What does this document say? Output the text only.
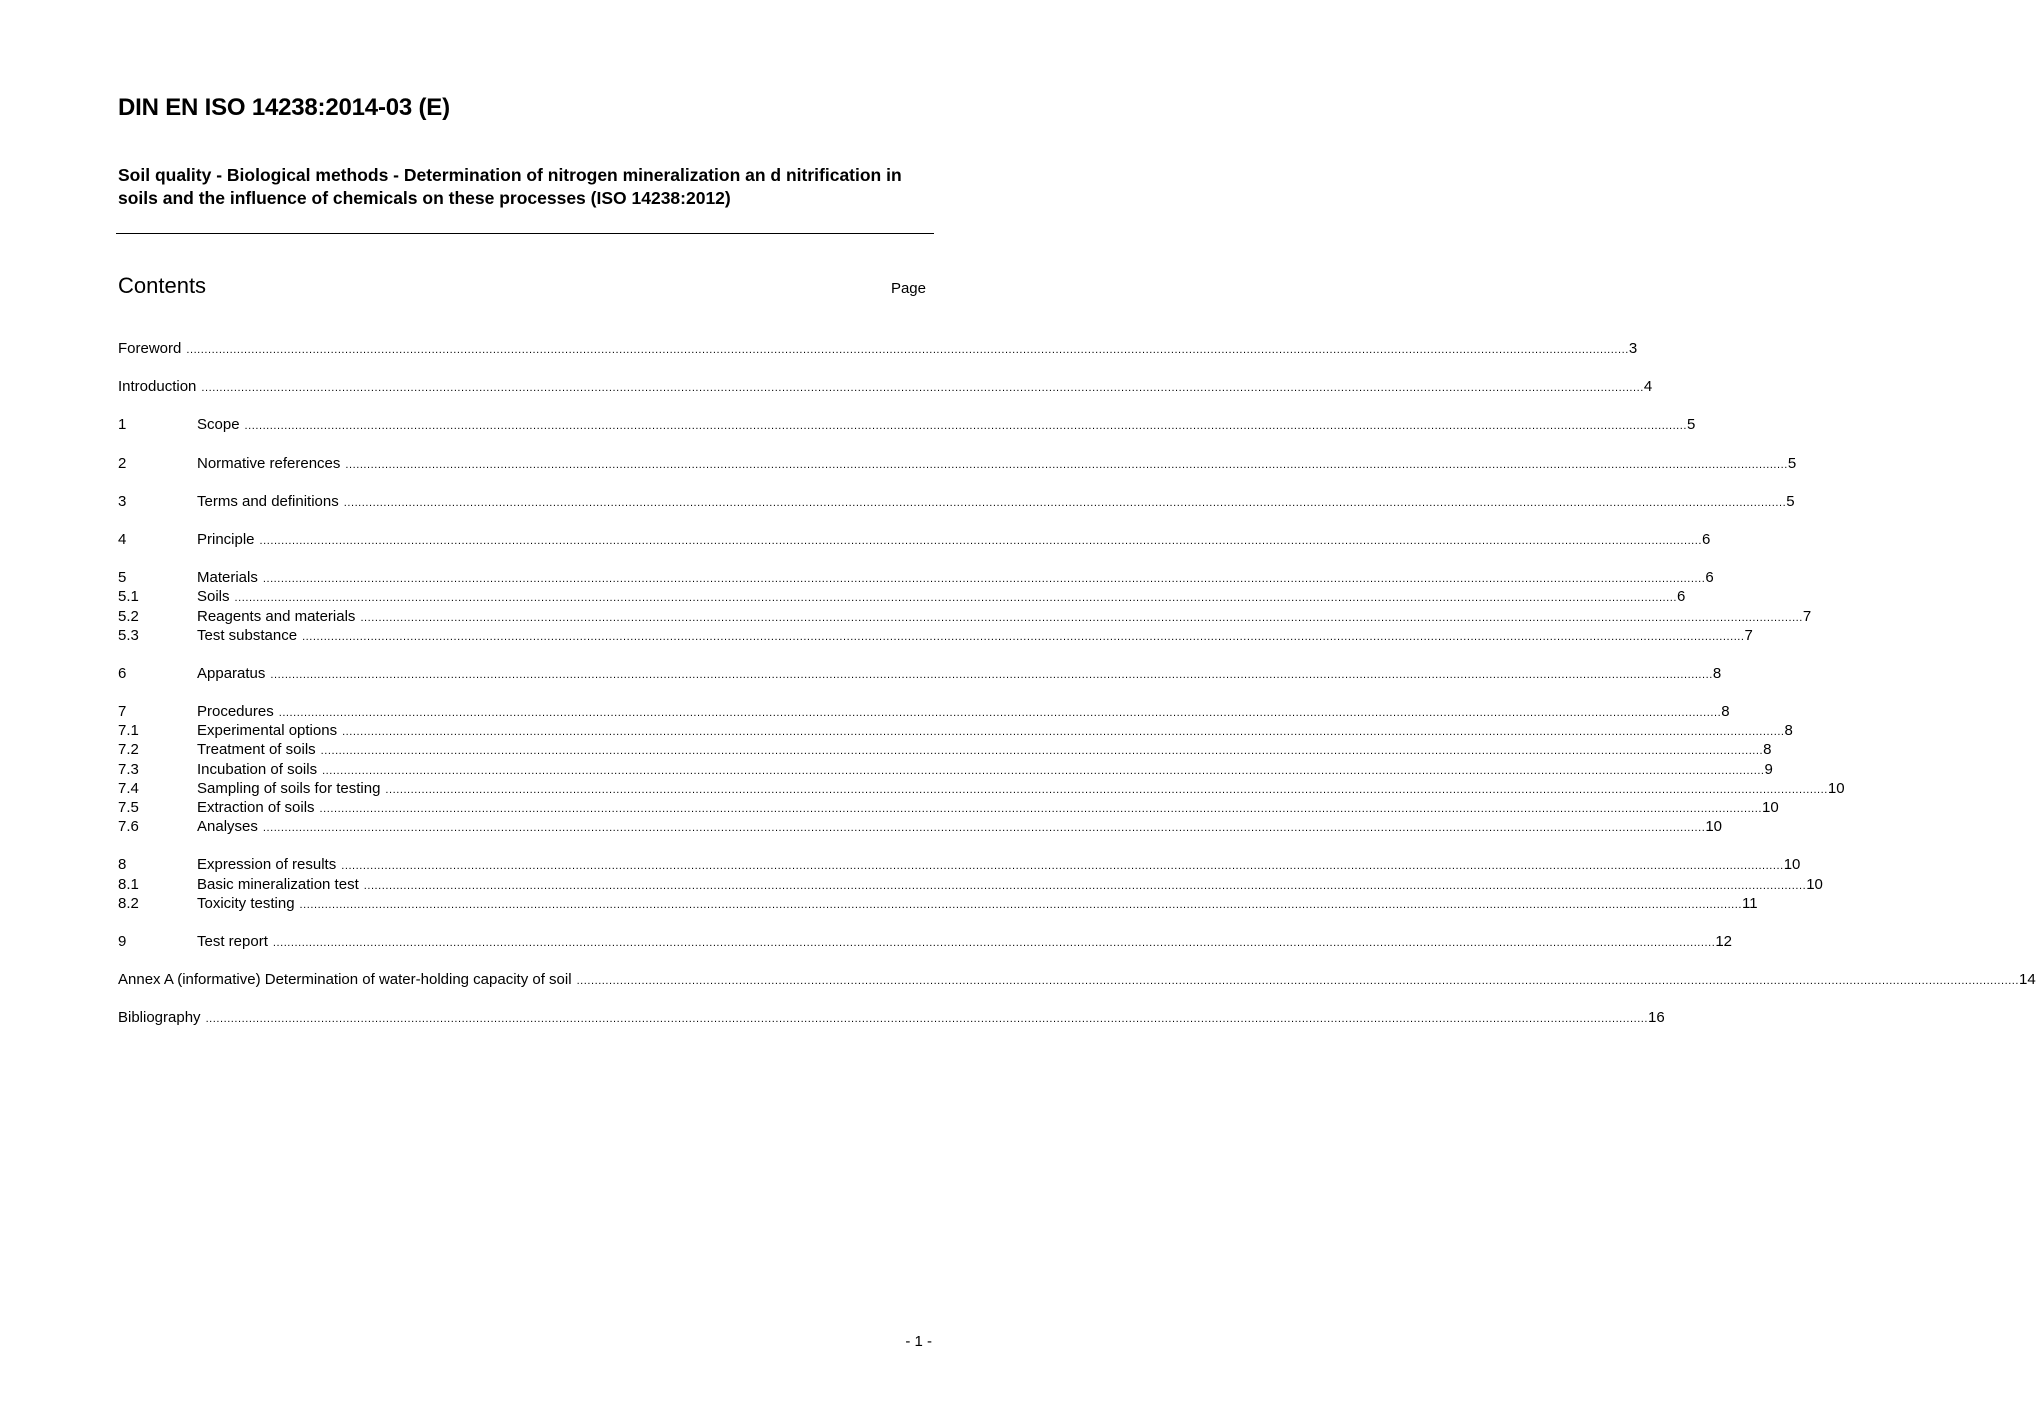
DIN EN ISO 14238:2014-03 (E)
Soil quality - Biological methods - Determination of nitrogen mineralization an d nitrification in soils and the influence of chemicals on these processes (ISO 14238:2012)
Contents	Page
Foreword ................................................................................................................................................................................................................................................................................................................................................................................................................ 3
Introduction ................................................................................................................................................................................................................................................................................................................................................................................................................ 4
1	Scope ................................................................................................................................................................................................................................................................................................................................................................................................................ 5
2	Normative references ................................................................................................................................................................................................................................................................................................................................................................................................................ 5
3	Terms and definitions ................................................................................................................................................................................................................................................................................................................................................................................................................ 5
4	Principle ................................................................................................................................................................................................................................................................................................................................................................................................................ 6
5	Materials ................................................................................................................................................................................................................................................................................................................................................................................................................ 6
5.1	Soils ................................................................................................................................................................................................................................................................................................................................................................................................................ 6
5.2	Reagents and materials ................................................................................................................................................................................................................................................................................................................................................................................................................ 7
5.3	Test substance ................................................................................................................................................................................................................................................................................................................................................................................................................ 7
6	Apparatus ................................................................................................................................................................................................................................................................................................................................................................................................................ 8
7	Procedures ................................................................................................................................................................................................................................................................................................................................................................................................................ 8
7.1	Experimental options ................................................................................................................................................................................................................................................................................................................................................................................................................ 8
7.2	Treatment of soils ................................................................................................................................................................................................................................................................................................................................................................................................................ 8
7.3	Incubation of soils ................................................................................................................................................................................................................................................................................................................................................................................................................ 9
7.4	Sampling of soils for testing ................................................................................................................................................................................................................................................................................................................................................................................................................ 10
7.5	Extraction of soils ................................................................................................................................................................................................................................................................................................................................................................................................................ 10
7.6	Analyses ................................................................................................................................................................................................................................................................................................................................................................................................................ 10
8	Expression of results ................................................................................................................................................................................................................................................................................................................................................................................................................ 10
8.1	Basic mineralization test ................................................................................................................................................................................................................................................................................................................................................................................................................ 10
8.2	Toxicity testing ................................................................................................................................................................................................................................................................................................................................................................................................................ 11
9	Test report ................................................................................................................................................................................................................................................................................................................................................................................................................ 12
Annex A (informative) Determination of water-holding capacity of soil ................................................................................................................................................................................................................................................................................................................................................................................................................ 14
Bibliography ................................................................................................................................................................................................................................................................................................................................................................................................................ 16
- 1 -
